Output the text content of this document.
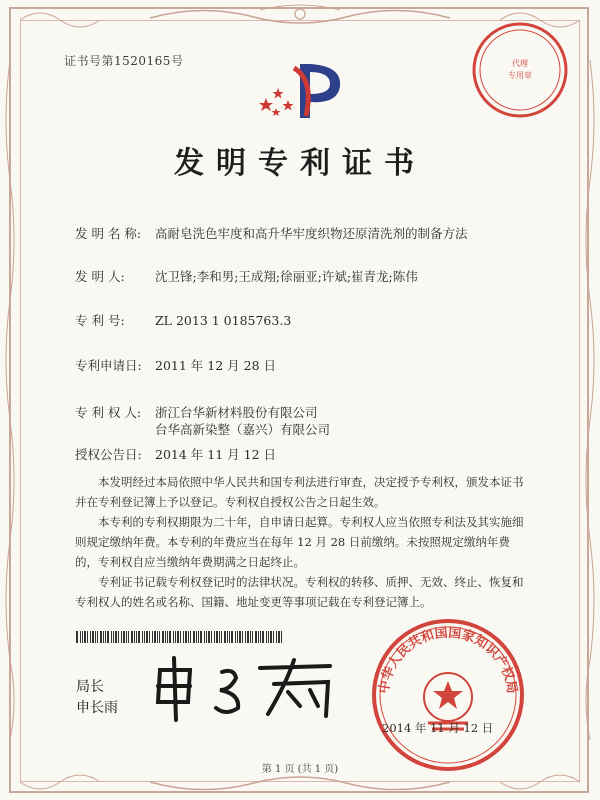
证书号第1520165号	代理
专用章
发明专利证书
发 明 名 称: 高耐皂洗色牢度和高升华牢度织物还原清洗剂的制备方法
发 明 人: 沈卫锋;李和男;王成翔;徐丽亚;许斌;崔青龙;陈伟
专 利 号: ZL 2013 1 0185763.3
专利申请日: 2011 年 12 月 28 日
专 利 权 人: 浙江台华新材料股份有限公司
台华高新染整（嘉兴）有限公司
授权公告日: 2014 年 11 月 12 日

本发明经过本局依照中华人民共和国专利法进行审查，决定授予专利权，颁发本证书并在专利登记簿上予以登记。专利权自授权公告之日起生效。

本专利的专利权期限为二十年，自申请日起算。专利权人应当依照专利法及其实施细则规定缴纳年费。本专利的年费应当在每年 12 月 28 日前缴纳。未按照规定缴纳年费的，专利权自应当缴纳年费期满之日起终止。

专利证书记载专利权登记时的法律状况。专利权的转移、质押、无效、终止、恢复和专利权人的姓名或名称、国籍、地址变更等事项记载在专利登记簿上。

局长
申长雨
中华人民共和国国家知识产权局
2014 年 11 月 12 日
第 1 页 (共 1 页)
